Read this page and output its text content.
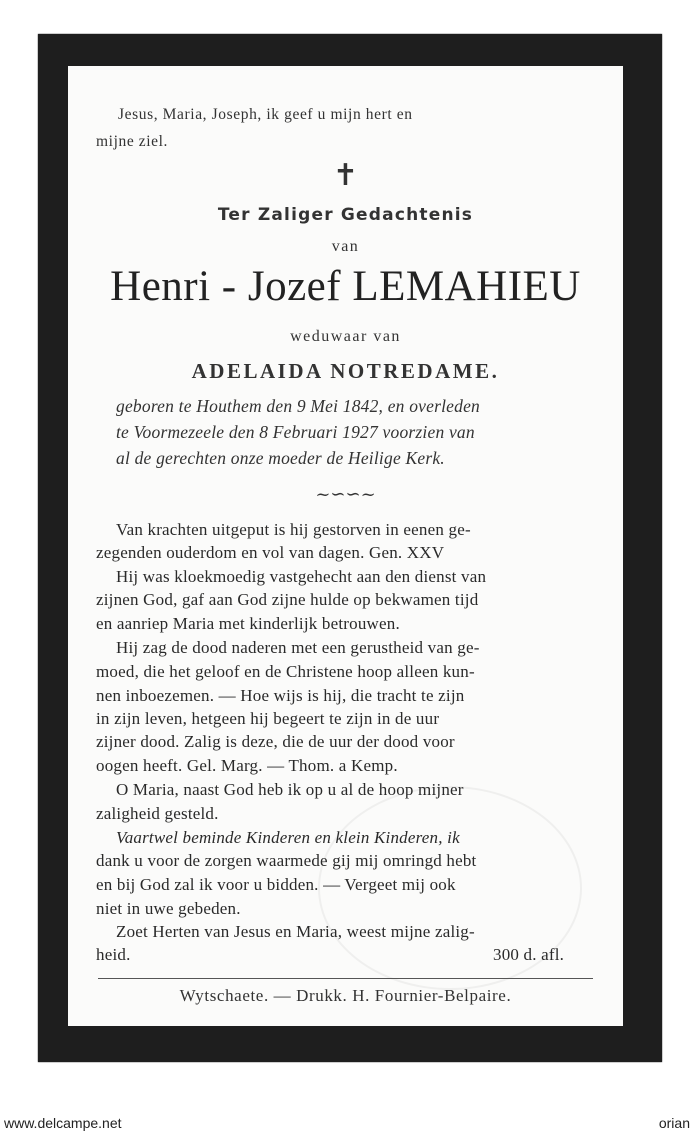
Jesus, Maria, Joseph, ik geef u mijn hert en
mijne ziel.
✝
Ter Zaliger Gedachtenis
van
Henri - Jozef LEMAHIEU
weduwaar van
ADELAIDA NOTREDAME.
geboren te Houthem den 9 Mei 1842, en overleden
te Voormezeele den 8 Februari 1927 voorzien van
al de gerechten onze moeder de Heilige Kerk.
~∽∽~
Van krachten uitgeput is hij gestorven in eenen ge-
zegenden ouderdom en vol van dagen. Gen. XXV
Hij was kloekmoedig vastgehecht aan den dienst van
zijnen God, gaf aan God zijne hulde op bekwamen tijd
en aanriep Maria met kinderlijk betrouwen.
Hij zag de dood naderen met een gerustheid van ge-
moed, die het geloof en de Christene hoop alleen kun-
nen inboezemen. — Hoe wijs is hij, die tracht te zijn
in zijn leven, hetgeen hij begeert te zijn in de uur
zijner dood. Zalig is deze, die de uur der dood voor
oogen heeft. Gel. Marg. — Thom. a Kemp.
O Maria, naast God heb ik op u al de hoop mijner
zaligheid gesteld.
Vaartwel beminde Kinderen en klein Kinderen, ik
dank u voor de zorgen waarmede gij mij omringd hebt
en bij God zal ik voor u bidden. — Vergeet mij ook
niet in uwe gebeden.
Zoet Herten van Jesus en Maria, weest mijne zalig-
heid.	300 d. afl.
Wytschaete. — Drukk. H. Fournier-Belpaire.
www.delcampe.net	orian
